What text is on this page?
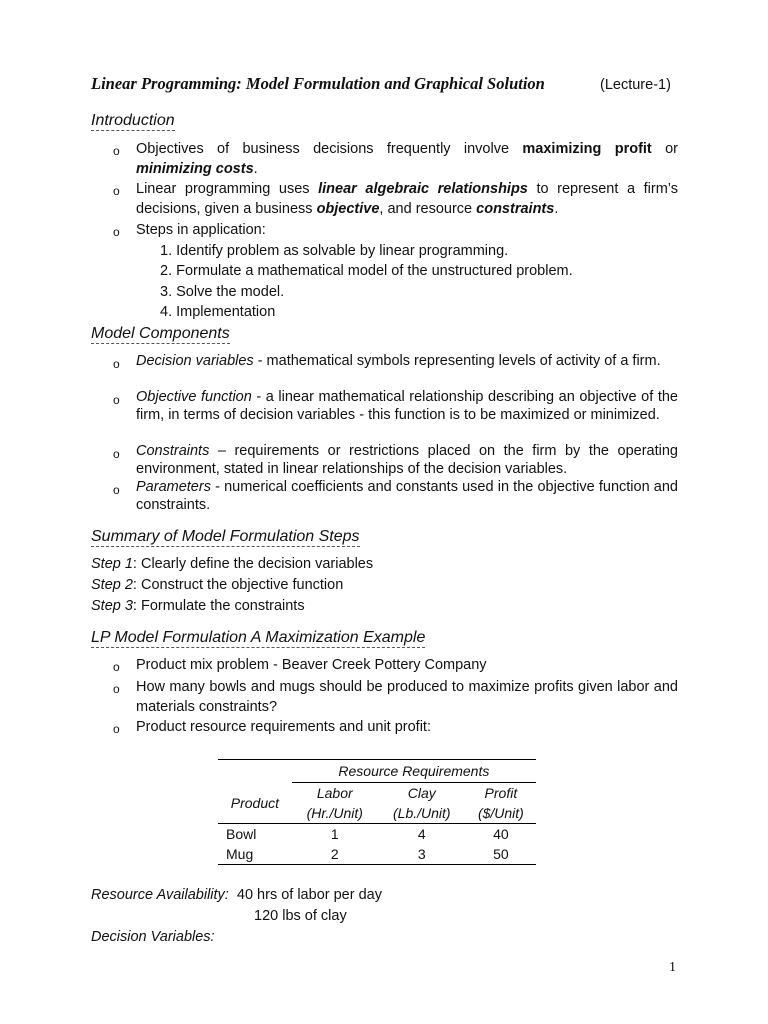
Linear Programming: Model Formulation and Graphical Solution	(Lecture-1)
Introduction
o Objectives of business decisions frequently involve maximizing profit or minimizing costs.
o Linear programming uses linear algebraic relationships to represent a firm’s decisions, given a business objective, and resource constraints.
o Steps in application:
1. Identify problem as solvable by linear programming.
2. Formulate a mathematical model of the unstructured problem.
3. Solve the model.
4. Implementation
Model Components
o Decision variables - mathematical symbols representing levels of activity of a firm.
o Objective function - a linear mathematical relationship describing an objective of the firm, in terms of decision variables - this function is to be maximized or minimized.
o Constraints – requirements or restrictions placed on the firm by the operating environment, stated in linear relationships of the decision variables.
o Parameters - numerical coefficients and constants used in the objective function and constraints.
Summary of Model Formulation Steps
Step 1: Clearly define the decision variables
Step 2: Construct the objective function
Step 3: Formulate the constraints
LP Model Formulation A Maximization Example
o Product mix problem - Beaver Creek Pottery Company
o How many bowls and mugs should be produced to maximize profits given labor and materials constraints?
o Product resource requirements and unit profit:
	Resource Requirements		
Product	Labor	Clay	Profit
	(Hr./Unit)	(Lb./Unit)	($/Unit)
Bowl	1	4	40
Mug	2	3	50
Resource Availability: 40 hrs of labor per day
120 lbs of clay
Decision Variables:
1
